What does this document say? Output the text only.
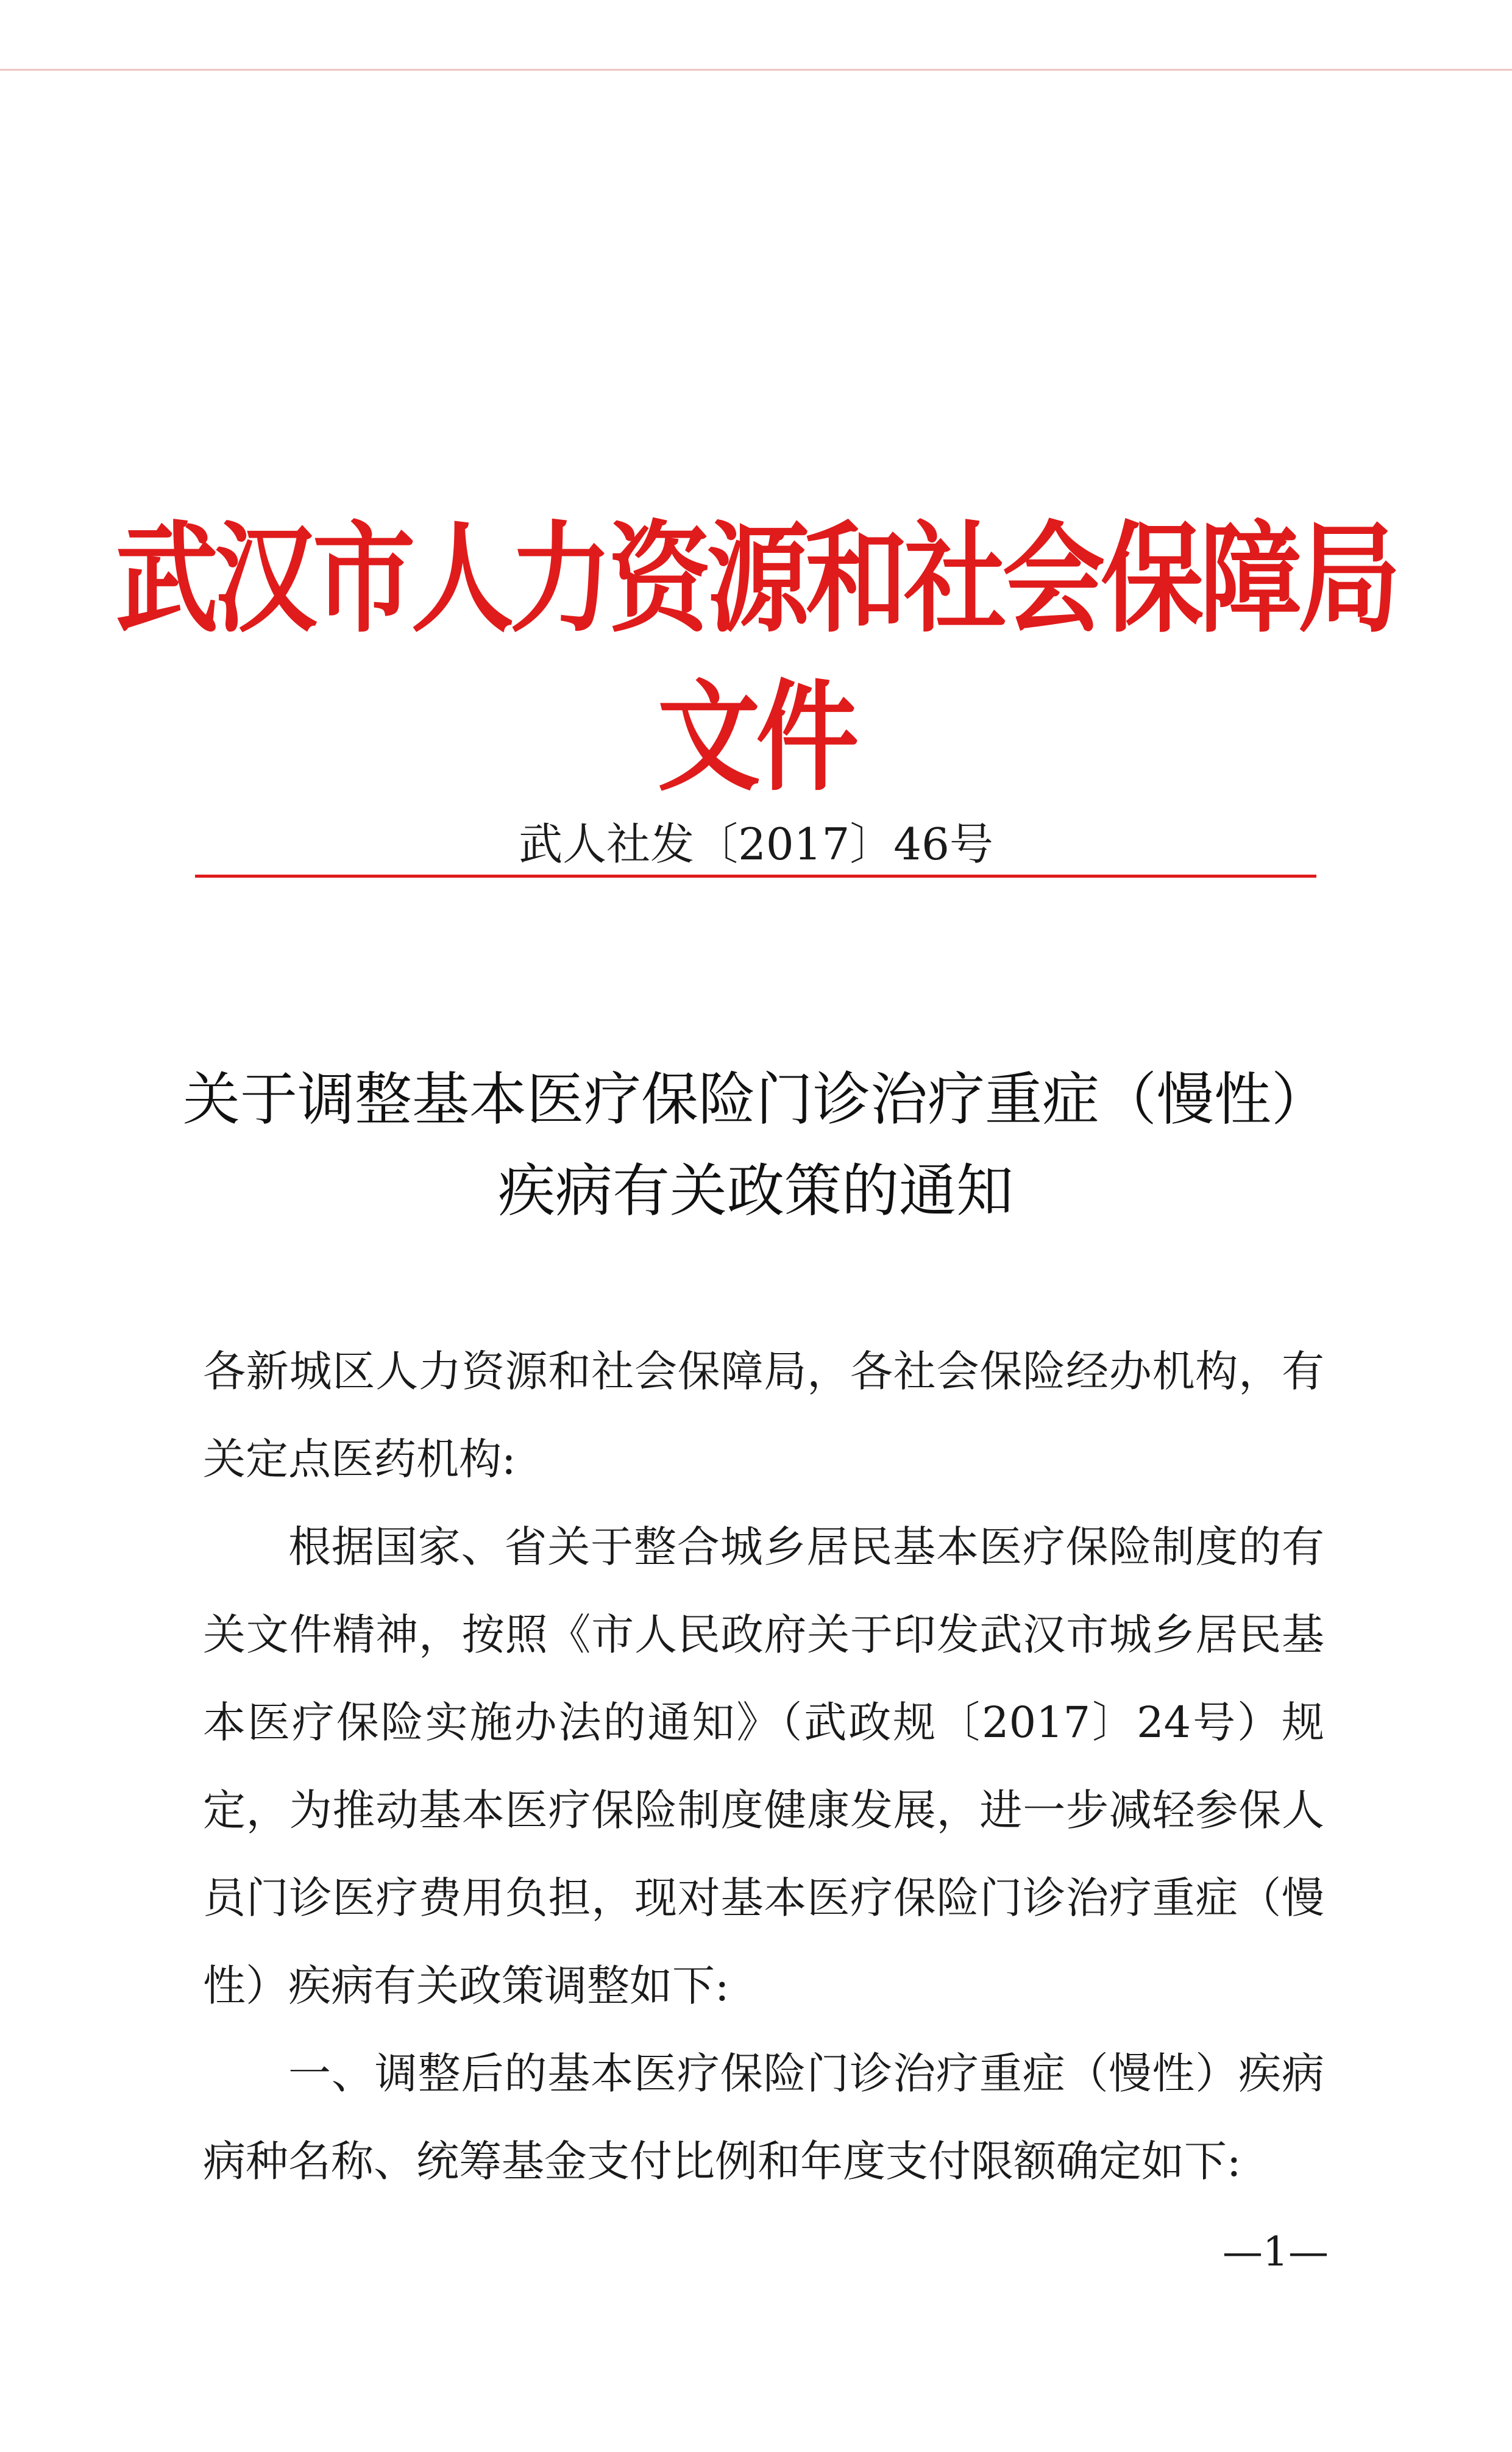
武汉市人力资源和社会保障局文件
武人社发〔2017〕46号
关于调整基本医疗保险门诊治疗重症（慢性）
疾病有关政策的通知

各新城区人力资源和社会保障局，各社会保险经办机构，有关定点医药机构:

根据国家、省关于整合城乡居民基本医疗保险制度的有关文件精神，按照《市人民政府关于印发武汉市城乡居民基本医疗保险实施办法的通知》（武政规〔2017〕24号）规定，为推动基本医疗保险制度健康发展，进一步减轻参保人员门诊医疗费用负担，现对基本医疗保险门诊治疗重症（慢性）疾病有关政策调整如下:

一、调整后的基本医疗保险门诊治疗重症（慢性）疾病病种名称、统筹基金支付比例和年度支付限额确定如下:

—1—
